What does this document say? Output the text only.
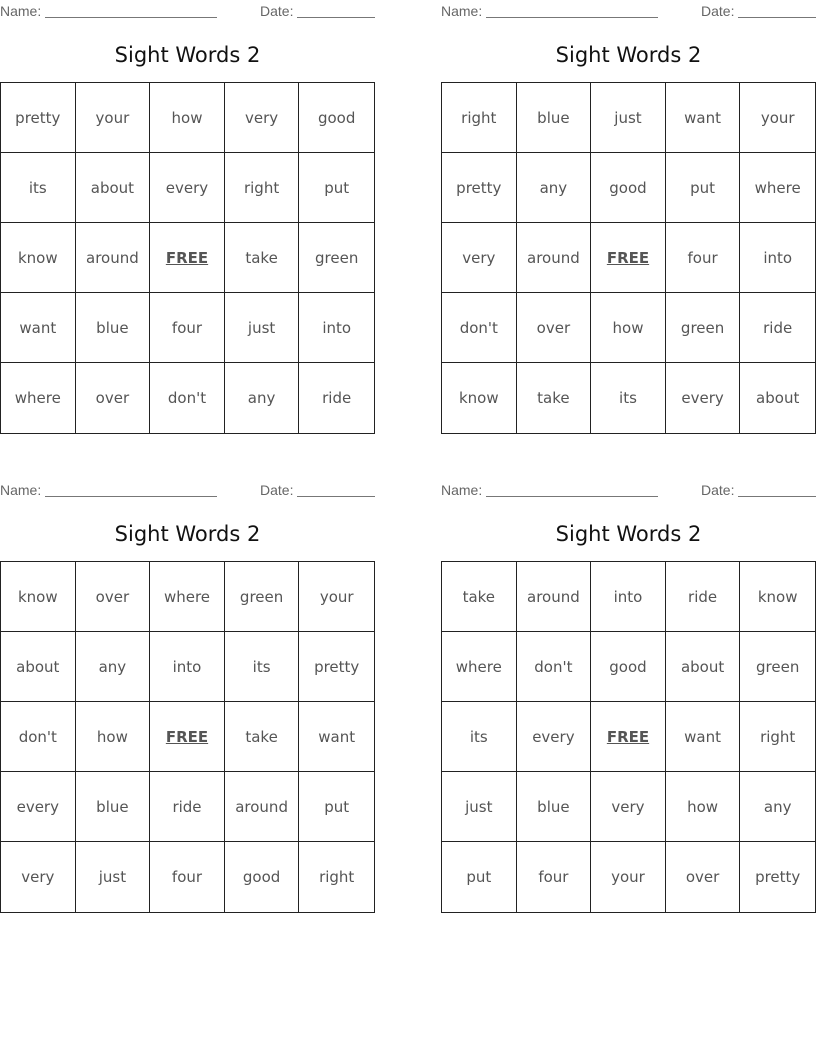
Name:	Date:
Sight Words 2
pretty	your	how	very	good
its	about	every	right	put
know	around	FREE	take	green
want	blue	four	just	into
where	over	don't	any	ride
Name:	Date:
Sight Words 2
right	blue	just	want	your
pretty	any	good	put	where
very	around	FREE	four	into
don't	over	how	green	ride
know	take	its	every	about
Name:	Date:
Sight Words 2
know	over	where	green	your
about	any	into	its	pretty
don't	how	FREE	take	want
every	blue	ride	around	put
very	just	four	good	right
Name:	Date:
Sight Words 2
take	around	into	ride	know
where	don't	good	about	green
its	every	FREE	want	right
just	blue	very	how	any
put	four	your	over	pretty
